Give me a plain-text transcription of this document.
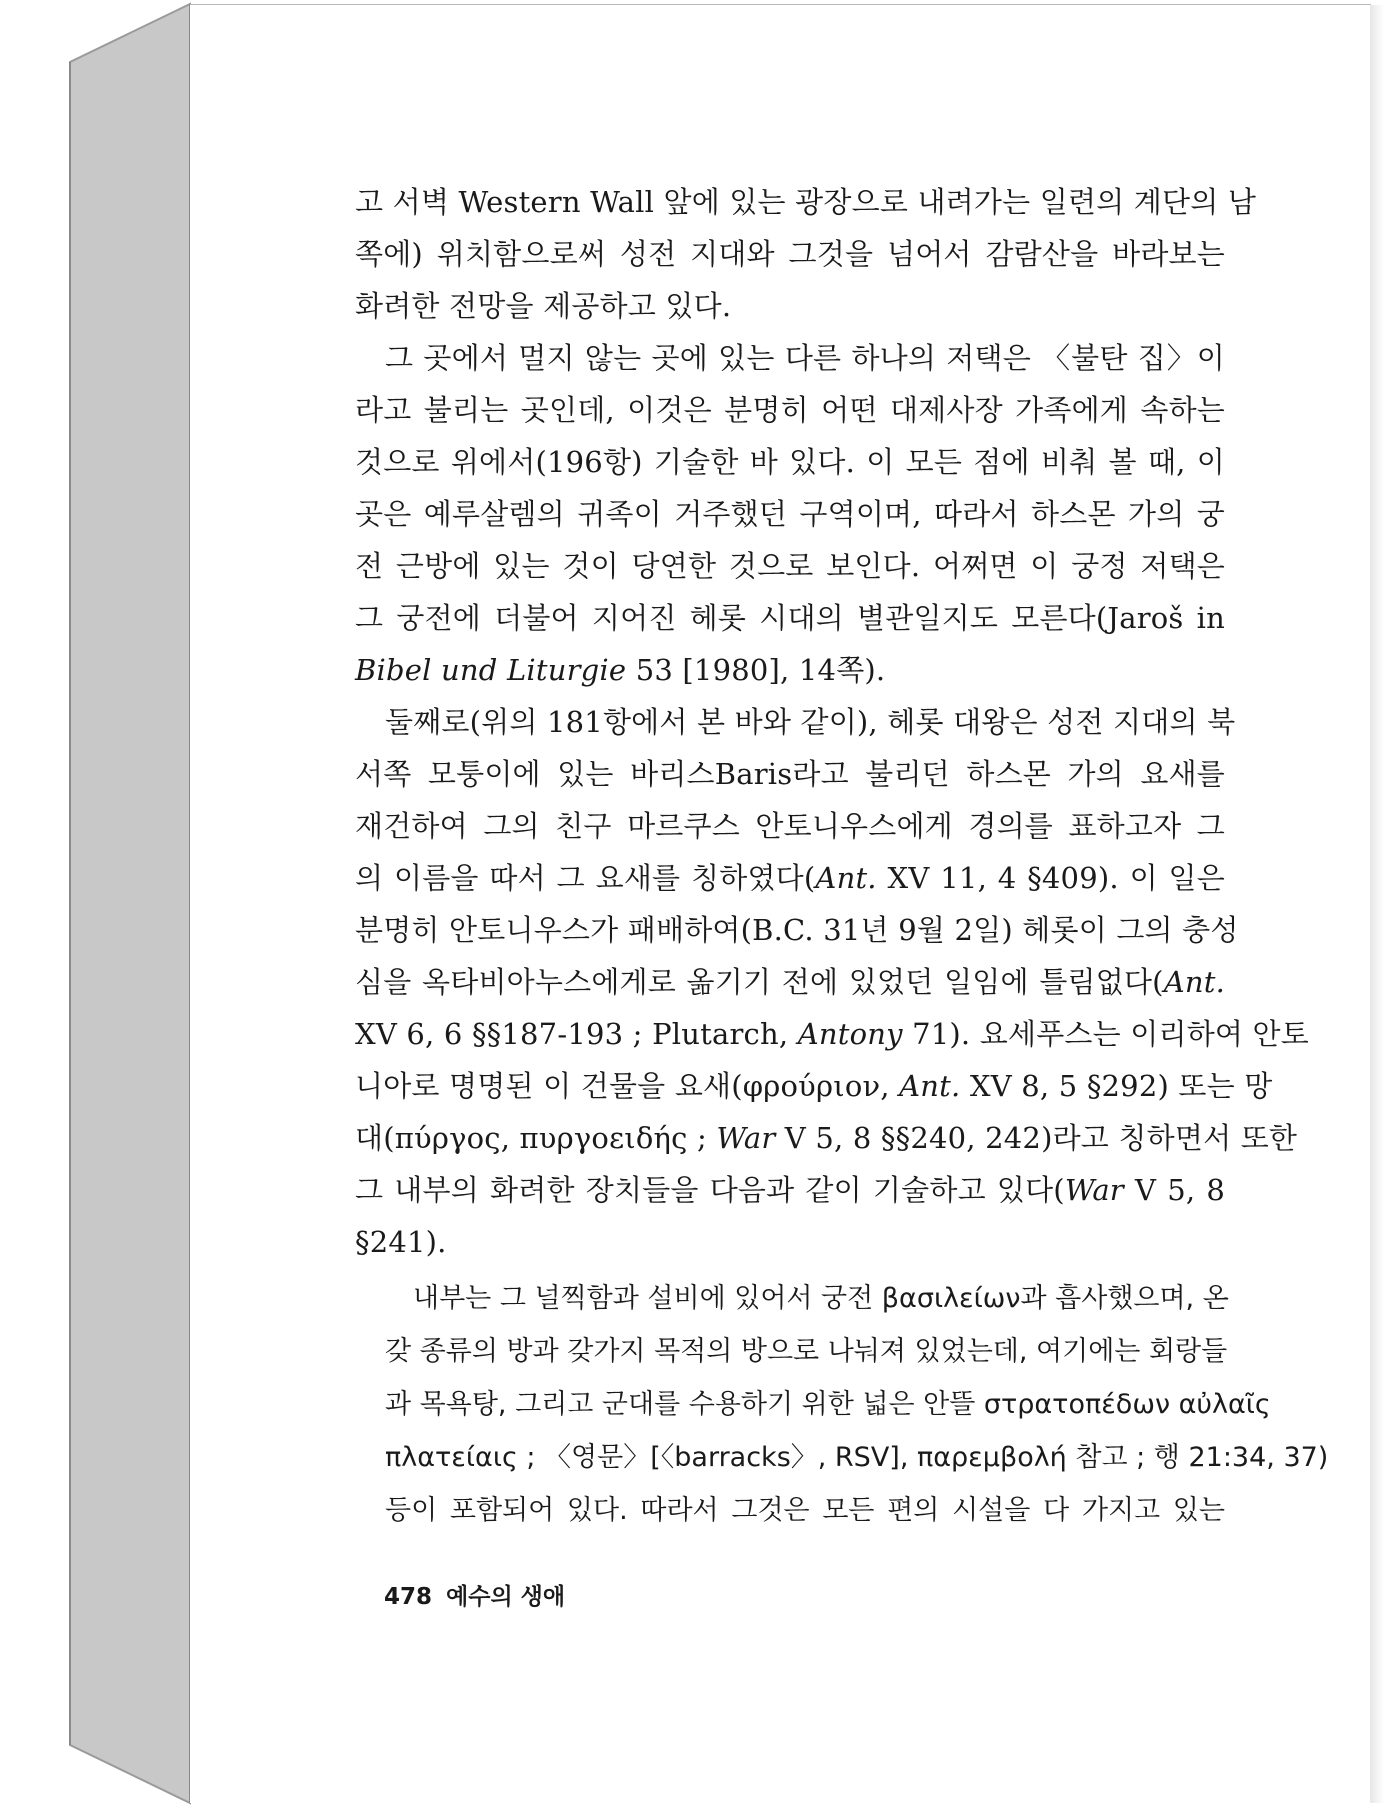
고 서벽 Western Wall 앞에 있는 광장으로 내려가는 일련의 계단의 남
쪽에) 위치함으로써 성전 지대와 그것을 넘어서 감람산을 바라보는
화려한 전망을 제공하고 있다.

그 곳에서 멀지 않는 곳에 있는 다른 하나의 저택은 〈불탄 집〉이
라고 불리는 곳인데, 이것은 분명히 어떤 대제사장 가족에게 속하는
것으로 위에서(196항) 기술한 바 있다. 이 모든 점에 비춰 볼 때, 이
곳은 예루살렘의 귀족이 거주했던 구역이며, 따라서 하스몬 가의 궁
전 근방에 있는 것이 당연한 것으로 보인다. 어쩌면 이 궁정 저택은
그 궁전에 더불어 지어진 헤롯 시대의 별관일지도 모른다(Jaroš in
Bibel und Liturgie 53 [1980], 14쪽).

둘째로(위의 181항에서 본 바와 같이), 헤롯 대왕은 성전 지대의 북
서쪽 모퉁이에 있는 바리스Baris라고 불리던 하스몬 가의 요새를
재건하여 그의 친구 마르쿠스 안토니우스에게 경의를 표하고자 그
의 이름을 따서 그 요새를 칭하였다(Ant. XV 11, 4 §409). 이 일은
분명히 안토니우스가 패배하여(B.C. 31년 9월 2일) 헤롯이 그의 충성
심을 옥타비아누스에게로 옮기기 전에 있었던 일임에 틀림없다(Ant.
XV 6, 6 §§187-193 ; Plutarch, Antony 71). 요세푸스는 이리하여 안토
니아로 명명된 이 건물을 요새(φρούριον, Ant. XV 8, 5 §292) 또는 망
대(πύργος, πυργοειδής ; War V 5, 8 §§240, 242)라고 칭하면서 또한
그 내부의 화려한 장치들을 다음과 같이 기술하고 있다(War V 5, 8
§241).

내부는 그 널찍함과 설비에 있어서 궁전 βασιλείων과 흡사했으며, 온
갖 종류의 방과 갖가지 목적의 방으로 나눠져 있었는데, 여기에는 회랑들
과 목욕탕, 그리고 군대를 수용하기 위한 넓은 안뜰 στρατοπέδων αὐλαῖς
πλατείαις ; 〈영문〉[〈barracks〉, RSV], παρεμβολή 참고 ; 행 21:34, 37)
등이 포함되어 있다. 따라서 그것은 모든 편의 시설을 다 가지고 있는
478 예수의 생애
